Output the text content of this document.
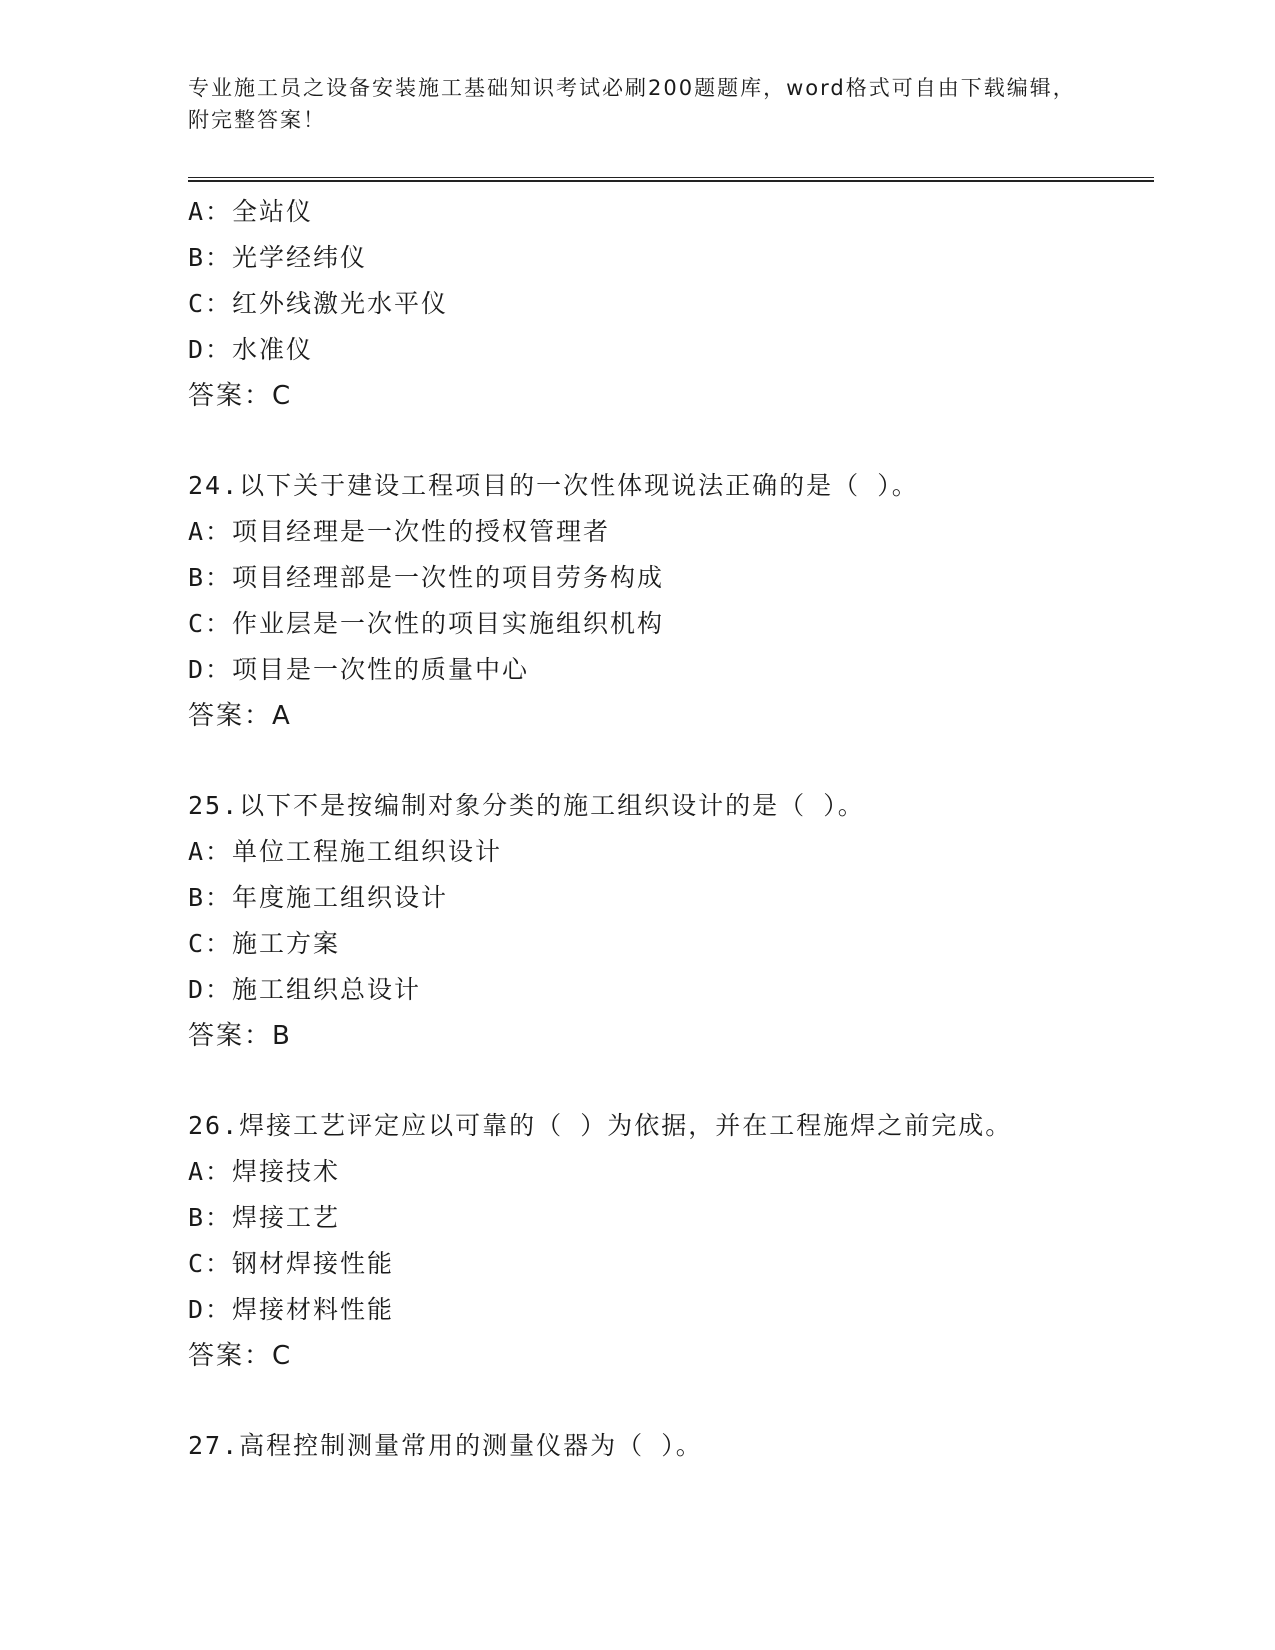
专业施工员之设备安装施工基础知识考试必刷200题题库，word格式可自由下载编辑，附完整答案！
A：全站仪
B：光学经纬仪
C：红外线激光水平仪
D：水准仪
答案：C
24.以下关于建设工程项目的一次性体现说法正确的是（ ）。
A：项目经理是一次性的授权管理者
B：项目经理部是一次性的项目劳务构成
C：作业层是一次性的项目实施组织机构
D：项目是一次性的质量中心
答案：A
25.以下不是按编制对象分类的施工组织设计的是（ ）。
A：单位工程施工组织设计
B：年度施工组织设计
C：施工方案
D：施工组织总设计
答案：B
26.焊接工艺评定应以可靠的（ ）为依据，并在工程施焊之前完成。
A：焊接技术
B：焊接工艺
C：钢材焊接性能
D：焊接材料性能
答案：C
27.高程控制测量常用的测量仪器为（ ）。
